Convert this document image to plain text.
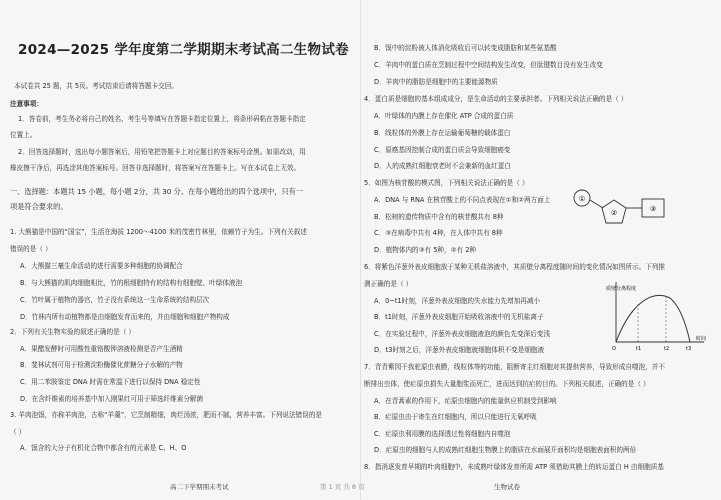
2024—2025 学年度第二学期期末考试高二生物试卷
本试卷共 25 题，共 5页。考试结束后请将答题卡交回。
注意事项：
1．答卷前，考生务必将自己的姓名、考生号等填写在答题卡指定位置上，将条形码粘在答题卡指定
位置上。
2．回答选择题时，选出每小题答案后，用铅笔把答题卡上对应题目的答案标号涂黑。如需改动，用
橡皮擦干净后，再选涂其他答案标号。回答非选择题时，将答案写在答题卡上。写在本试卷上无效。
一、选择题：本题共 15 小题，每小题 2分，共 30 分。在每小题给出的四个选项中，只有一
项是符合要求的。
1. 大熊猫是中国的“国宝”，生活在海拔 1200～4100 米的茂密竹林里，依赖竹子为生。下列有关叙述
错误的是（ ）
A．大熊猫三毫生命活动的进行需要多种细胞的协调配合
B．与大熊猫的肌肉细胞相比，竹的根细胞特有的结构有细胞壁、叶绿体液泡
C．竹叶属于植物的器官，竹子没有系统这一生命系统的结构层次
D．竹林内所有动植物都是由细胞发育而来的，并由细胞和细胞产物构成
2．下列有关生物实验的叙述正确的是（ ）
A．果醋发酵时可用酸性重铬酸钾溶液检测是否产生酒精
B．斐林试剂可用于检测淀粉酶催化蔗糖分子水解的产物
C．用二苯胺鉴定 DNA 时需在常温下进行以保持 DNA 稳定性
D．在含纤维素的培养基中加入刚果红可用于筛选纤维素分解菌
3. 羊肉泡馍，亦称羊肉泡，古称“羊羹”，它烹制精细，肉烂汤浓，肥而不腻，营养丰富。下列说法错误的是
（ ）
A．馍含的大分子有机化合物中都含有的元素是 C、H、O
高二下学期期末考试	第 1 页 共 8 页
B．馍中的淀粉被人体消化吸收后可以转变成脂肪和某些氨基酸
C．羊肉中的蛋白质在烹制过程中空间结构发生改变，但肽键数目没有发生改变
D．羊肉中的脂肪是细胞中的主要能源物质
4．蛋白质是细胞的基本组成成分，是生命活动的主要承担者。下列相关说法正确的是（ ）
A．叶绿体的内膜上存在催化 ATP 合成的蛋白质
B．线粒体的外膜上存在运输葡萄糖的载体蛋白
C．原癌基因控制合成的蛋白质会导致细胞癌变
D．人的成熟红细胞衰老时不会兼新的血红蛋白
5．如图为核苷酸的模式图，下列相关说法正确的是（ ）
A．DNA 与 RNA 在核苷酸上的不同点表现在①和②两方面上
B．松树的遗传物质中含有的核苷酸共有 8种
C．③在病毒中共有 4种，在人体中共有 8种
D．植物体内的③有 5种，②有 2种
①
②	③
6．将紫色洋葱外表皮细胞放于某种无机盐溶液中，其质壁分离程度随时间的变化情况如图所示。下列推
测正确的是（ ）
A．0~t1时刻，洋葱外表皮细胞的失水能力先增加再减小
B．t1时刻，洋葱外表皮细胞开始吸收溶液中的无机盐离子
C．在实验过程中，洋葱外表皮细胞液泡的颜色先变深后变浅
D．t3时刻之后，洋葱外表皮细胞就细胞体积不变是细胞液
质壁分离程度
O	t1	t2	t3
时间
7．青青紫园干我驼原虫表膜，线粒体等的功能，阻断寄主红细胞对其提供营养，导致形成自噬泡，并不
断排出虫体，使疟原虫损失大量胞浆而死亡，进而达到抗疟的目的。下列相关叙述，正确的是（ ）
A．在青蒿素的作用下，疟原虫细胞内的能量供应机制受到影响
B．疟原虫由于寄生在红细胞内，所以只能进行无氧呼吸
C．疟原虫利用膜的选择透过性将细胞内自噬泡
D．疟原虫的细胞与人的成熟红细胞生物膜上的脂质在水面展开面积均是细胞表面积的两倍
8．指消逐发育早期的叶肉细胞中，未成熟叶绿体发育所需 ATP 须借助其膜上的转运蛋白 H 由细胞质基
生物试卷
